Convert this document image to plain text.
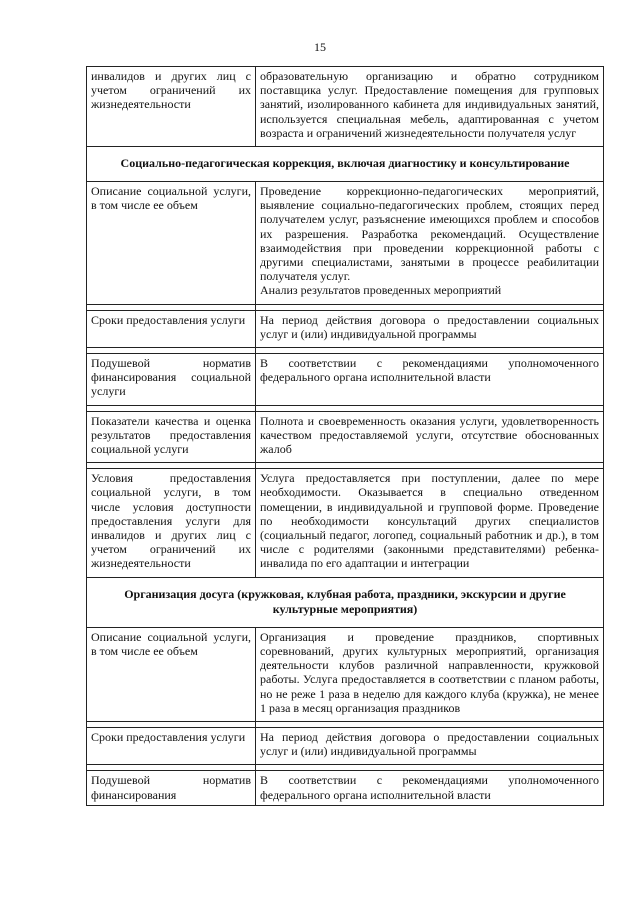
15
инвалидов и других лиц с учетом ограничений их жизнедеятельности	образовательную организацию и обратно сотрудником поставщика услуг. Предоставление помещения для групповых занятий, изолированного кабинета для индивидуальных занятий, используется специальная мебель, адаптированная с учетом возраста и ограничений жизнедеятельности получателя услуг
Социально-педагогическая коррекция, включая диагностику и консультирование	
Описание социальной услуги, в том числе ее объем	Проведение коррекционно-педагогических мероприятий, выявление социально-педагогических проблем, стоящих перед получателем услуг, разъяснение имеющихся проблем и способов их разрешения. Разработка рекомендаций. Осуществление взаимодействия при проведении коррекционной работы с другими специалистами, занятыми в процессе реабилитации получателя услуг.
Анализ результатов проведенных мероприятий

Сроки предоставления услуги	На период действия договора о предоставлении социальных услуг и (или) индивидуальной программы

Подушевой норматив финансирования социальной услуги	В соответствии с рекомендациями уполномоченного федерального органа исполнительной власти

Показатели качества и оценка результатов предоставления социальной услуги	Полнота и своевременность оказания услуги, удовлетворенность качеством предоставляемой услуги, отсутствие обоснованных жалоб

Условия предоставления социальной услуги, в том числе условия доступности предоставления услуги для инвалидов и других лиц с учетом ограничений их жизнедеятельности	Услуга предоставляется при поступлении, далее по мере необходимости. Оказывается в специально отведенном помещении, в индивидуальной и групповой форме. Проведение по необходимости консультаций других специалистов (социальный педагог, логопед, социальный работник и др.), в том числе с родителями (законными представителями) ребенка-инвалида по его адаптации и интеграции
Организация досуга (кружковая, клубная работа, праздники, экскурсии и другие культурные мероприятия)	
Описание социальной услуги, в том числе ее объем	Организация и проведение праздников, спортивных соревнований, других культурных мероприятий, организация деятельности клубов различной направленности, кружковой работы. Услуга предоставляется в соответствии с планом работы, но не реже 1 раза в неделю для каждого клуба (кружка), не менее 1 раза в месяц организация праздников

Сроки предоставления услуги	На период действия договора о предоставлении социальных услуг и (или) индивидуальной программы

Подушевой норматив финансирования	В соответствии с рекомендациями уполномоченного федерального органа исполнительной власти
